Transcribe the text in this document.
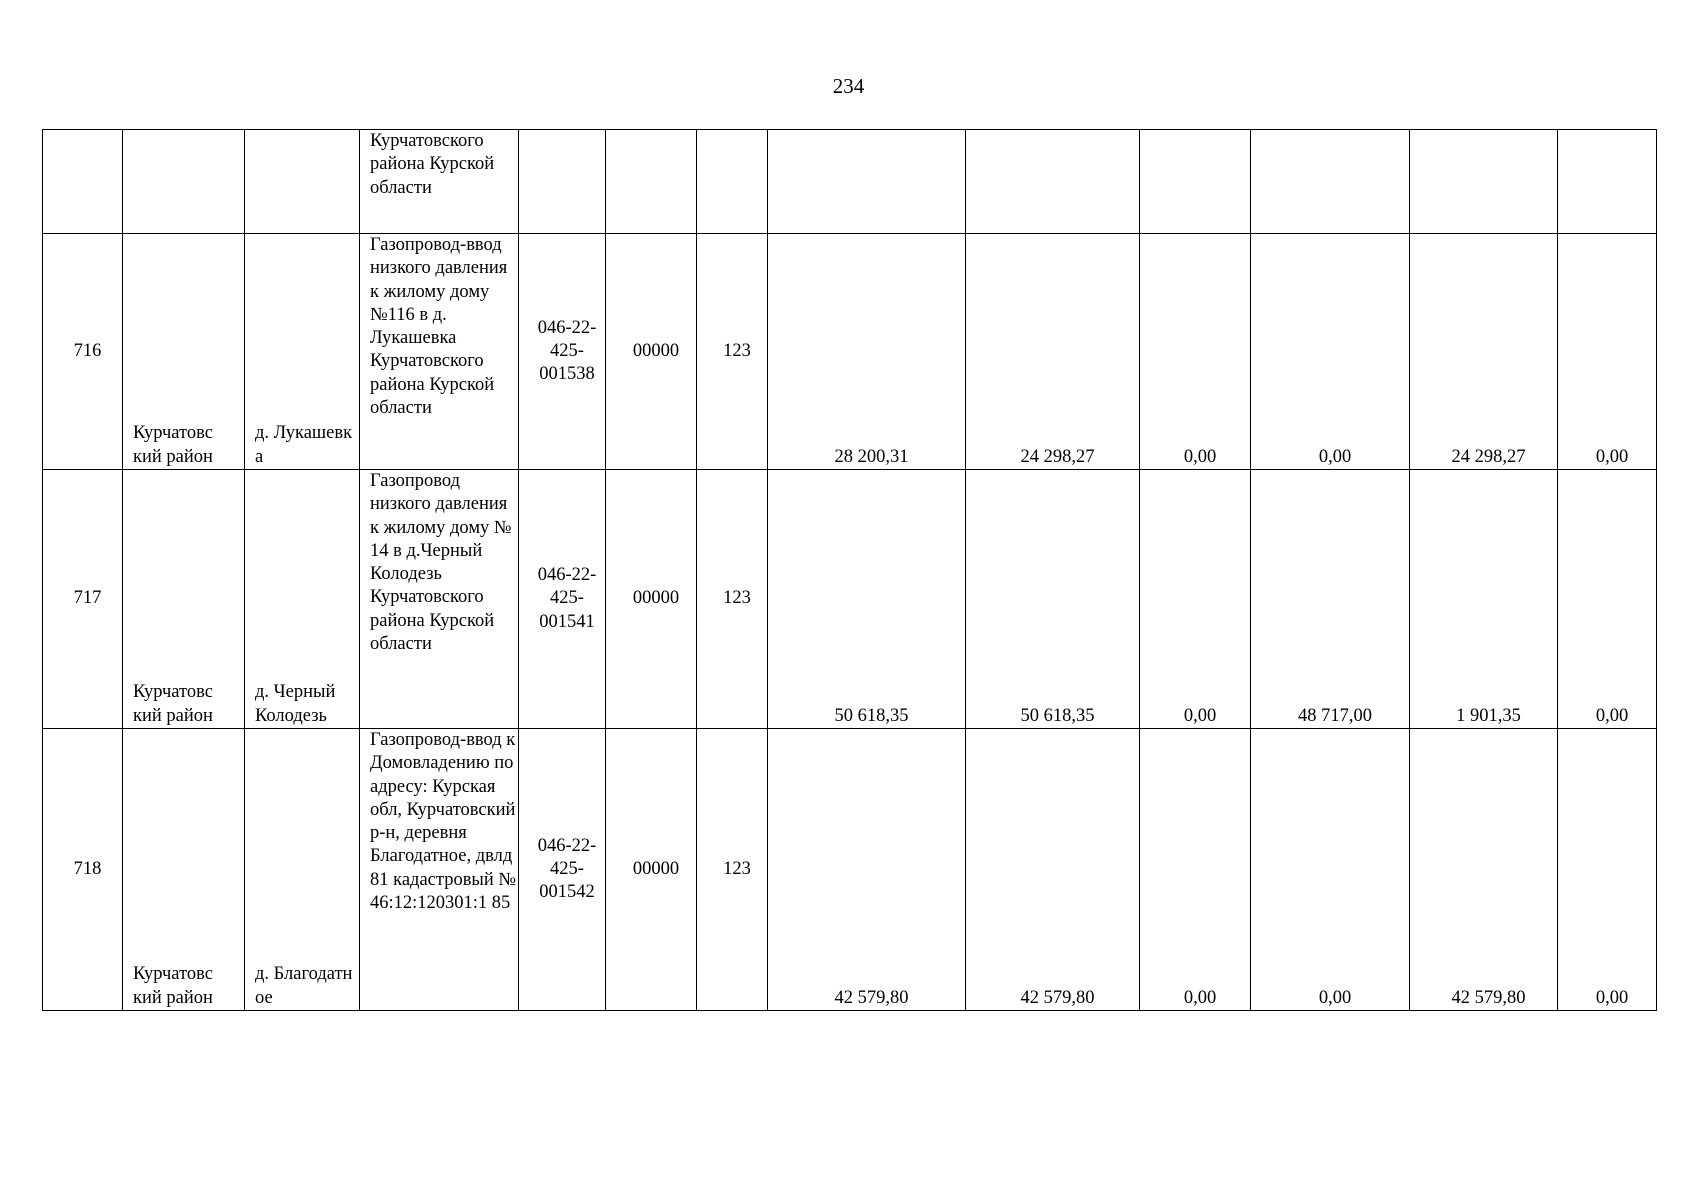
234
			Курчатовского района Курской области									
716	Курчатовс кий район	д. Лукашевк а	Газопровод-ввод низкого давления к жилому дому №116 в д. Лукашевка Курчатовского района Курской области	046-22-425-001538	00000	123	28 200,31	24 298,27	0,00	0,00	24 298,27	0,00
717	Курчатовс кий район	д. Черный Колодезь	Газопровод низкого давления к жилому дому № 14 в д.Черный Колодезь Курчатовского района Курской области	046-22-425-001541	00000	123	50 618,35	50 618,35	0,00	48 717,00	1 901,35	0,00
718	Курчатовс кий район	д. Благодатн ое	Газопровод-ввод к Домовладению по адресу: Курская обл, Курчатовский р-н, деревня Благодатное, двлд 81 кадастровый № 46:12:120301:1 85	046-22-425-001542	00000	123	42 579,80	42 579,80	0,00	0,00	42 579,80	0,00
